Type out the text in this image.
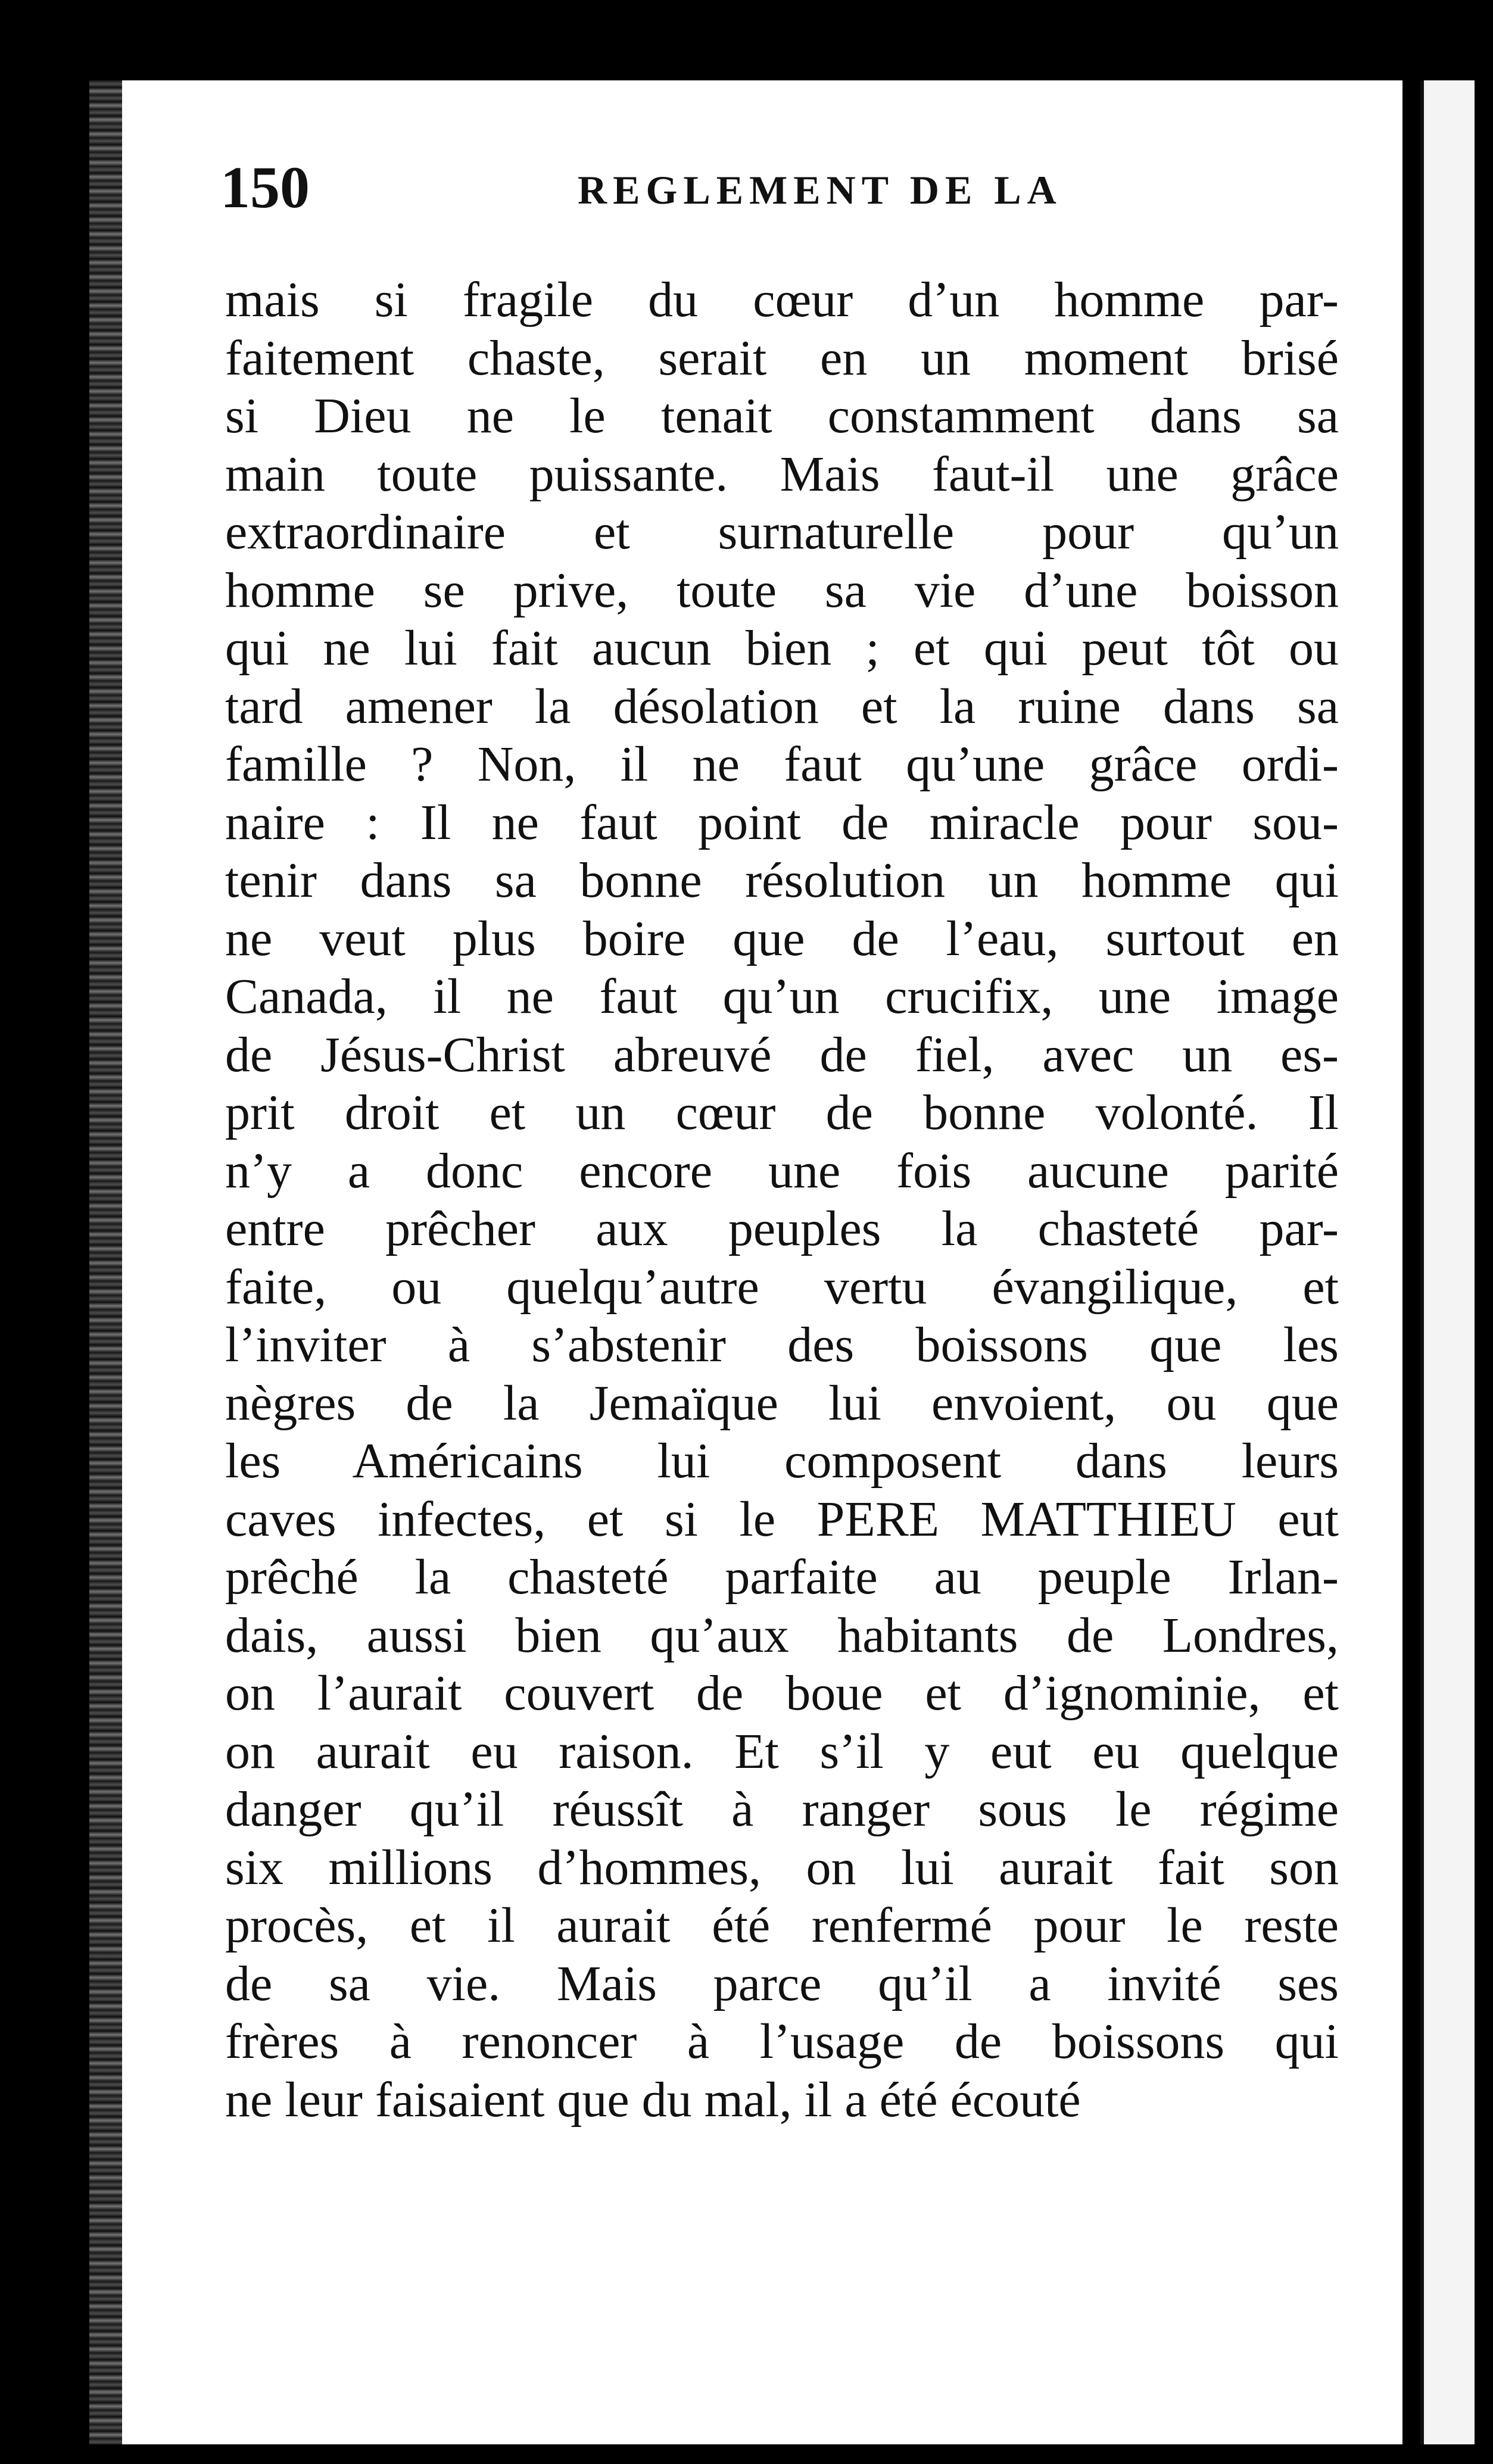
150	REGLEMENT DE LA
mais si fragile du cœur d’un homme par-
faitement chaste, serait en un moment brisé
si Dieu ne le tenait constamment dans sa
main toute puissante. Mais faut-il une grâce
extraordinaire et surnaturelle pour qu’un
homme se prive, toute sa vie d’une boisson
qui ne lui fait aucun bien ; et qui peut tôt ou
tard amener la désolation et la ruine dans sa
famille ? Non, il ne faut qu’une grâce ordi-
naire : Il ne faut point de miracle pour sou-
tenir dans sa bonne résolution un homme qui
ne veut plus boire que de l’eau, surtout en
Canada, il ne faut qu’un crucifix, une image
de Jésus-Christ abreuvé de fiel, avec un es-
prit droit et un cœur de bonne volonté. Il
n’y a donc encore une fois aucune parité
entre prêcher aux peuples la chasteté par-
faite, ou quelqu’autre vertu évangilique, et
l’inviter à s’abstenir des boissons que les
nègres de la Jemaïque lui envoient, ou que
les Américains lui composent dans leurs
caves infectes, et si le PERE MATTHIEU eut
prêché la chasteté parfaite au peuple Irlan-
dais, aussi bien qu’aux habitants de Londres,
on l’aurait couvert de boue et d’ignominie, et
on aurait eu raison. Et s’il y eut eu quelque
danger qu’il réussît à ranger sous le régime
six millions d’hommes, on lui aurait fait son
procès, et il aurait été renfermé pour le reste
de sa vie. Mais parce qu’il a invité ses
frères à renoncer à l’usage de boissons qui
ne leur faisaient que du mal, il a été écouté
